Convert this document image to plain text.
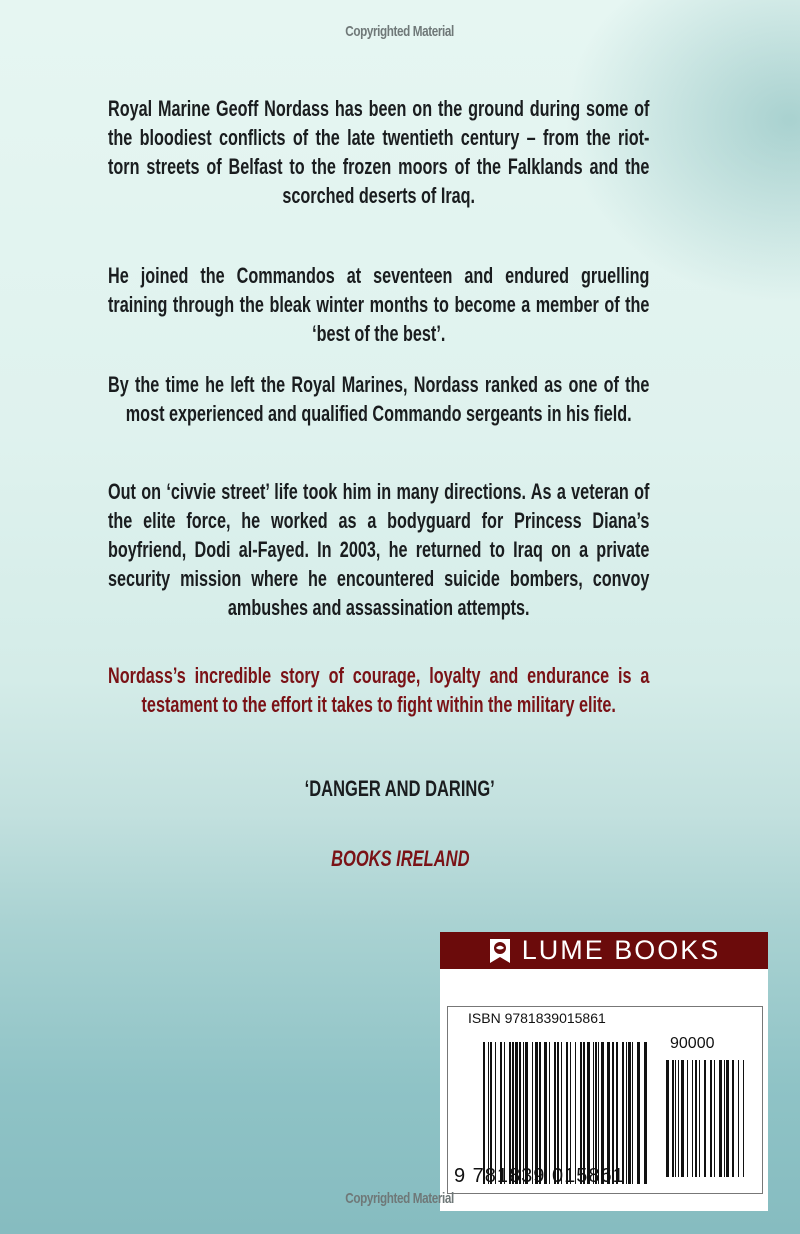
Copyrighted Material

Royal Marine Geoff Nordass has been on the ground during some of the bloodiest conflicts of the late twentieth century – from the riot-torn streets of Belfast to the frozen moors of the Falklands and the scorched deserts of Iraq.

He joined the Commandos at seventeen and endured gruelling training through the bleak winter months to become a member of the ‘best of the best’.

By the time he left the Royal Marines, Nordass ranked as one of the most experienced and qualified Commando sergeants in his field.

Out on ‘civvie street’ life took him in many directions. As a veteran of the elite force, he worked as a bodyguard for Princess Diana’s boyfriend, Dodi al-Fayed. In 2003, he returned to Iraq on a private security mission where he encountered suicide bombers, convoy ambushes and assassination attempts.

Nordass’s incredible story of courage, loyalty and endurance is a testament to the effort it takes to fight within the military elite.

‘DANGER AND DARING’
BOOKS IRELAND
LUME BOOKS
ISBN 9781839015861
90000
9 781839 015861
Copyrighted Material
